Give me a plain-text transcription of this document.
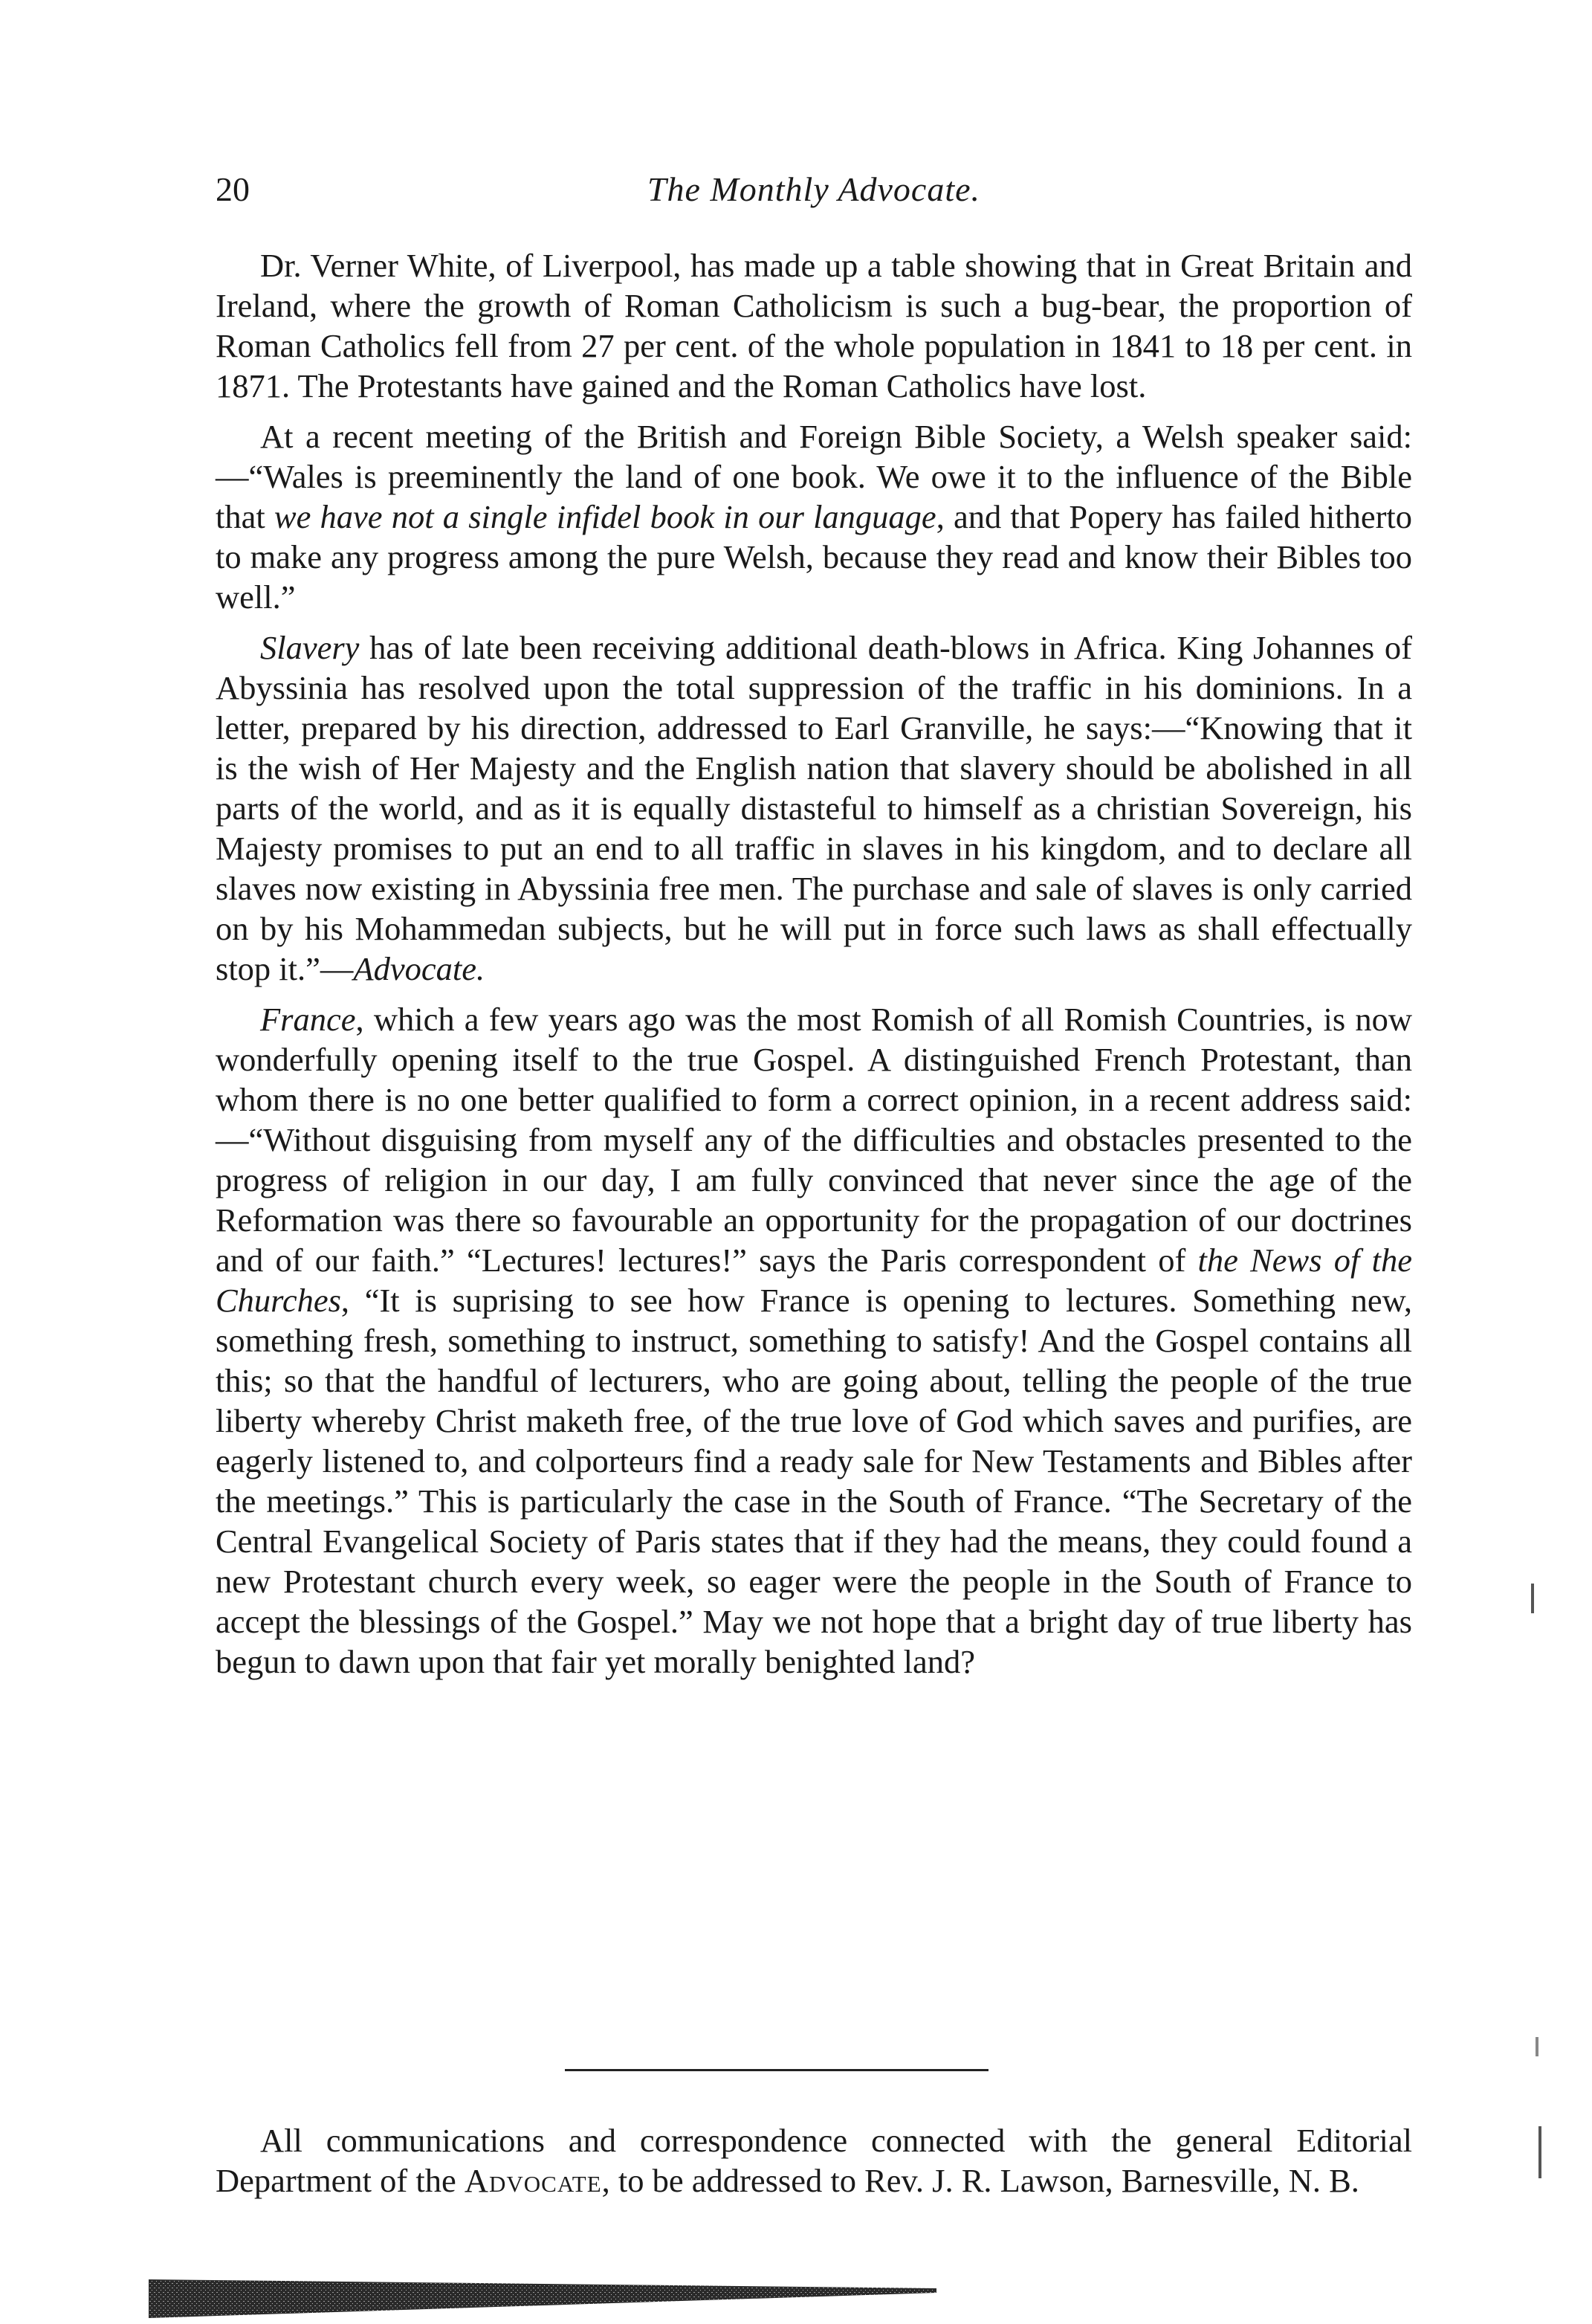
20	The Monthly Advocate.

Dr. Verner White, of Liverpool, has made up a table showing that in Great Britain and Ireland, where the growth of Roman Catholicism is such a bug-bear, the proportion of Roman Catholics fell from 27 per cent. of the whole population in 1841 to 18 per cent. in 1871. The Protestants have gained and the Roman Catholics have lost.

At a recent meeting of the British and Foreign Bible Society, a Welsh speaker said:—“Wales is preeminently the land of one book. We owe it to the influence of the Bible that we have not a single infidel book in our language, and that Popery has failed hitherto to make any progress among the pure Welsh, because they read and know their Bibles too well.”

Slavery has of late been receiving additional death-blows in Africa. King Johannes of Abyssinia has resolved upon the total suppression of the traffic in his dominions. In a letter, prepared by his direction, addressed to Earl Granville, he says:—“Knowing that it is the wish of Her Majesty and the English nation that slavery should be abolished in all parts of the world, and as it is equally distasteful to himself as a christian Sovereign, his Majesty promises to put an end to all traffic in slaves in his kingdom, and to declare all slaves now existing in Abyssinia free men. The purchase and sale of slaves is only carried on by his Mohammedan subjects, but he will put in force such laws as shall effectually stop it.”—Advocate.

France, which a few years ago was the most Romish of all Romish Countries, is now wonderfully opening itself to the true Gospel. A distinguished French Protestant, than whom there is no one better qualified to form a correct opinion, in a recent address said:—“Without disguising from myself any of the difficulties and obstacles presented to the progress of religion in our day, I am fully convinced that never since the age of the Reformation was there so favourable an opportunity for the propagation of our doctrines and of our faith.” “Lectures! lectures!” says the Paris correspondent of the News of the Churches, “It is suprising to see how France is opening to lectures. Something new, something fresh, something to instruct, something to satisfy! And the Gospel contains all this; so that the handful of lecturers, who are going about, telling the people of the true liberty whereby Christ maketh free, of the true love of God which saves and purifies, are eagerly listened to, and colporteurs find a ready sale for New Testaments and Bibles after the meetings.” This is particularly the case in the South of France. “The Secretary of the Central Evangelical Society of Paris states that if they had the means, they could found a new Protestant church every week, so eager were the people in the South of France to accept the blessings of the Gospel.” May we not hope that a bright day of true liberty has begun to dawn upon that fair yet morally benighted land?

All communications and correspondence connected with the general Editorial Department of the Advocate, to be addressed to Rev. J. R. Lawson, Barnesville, N. B.
